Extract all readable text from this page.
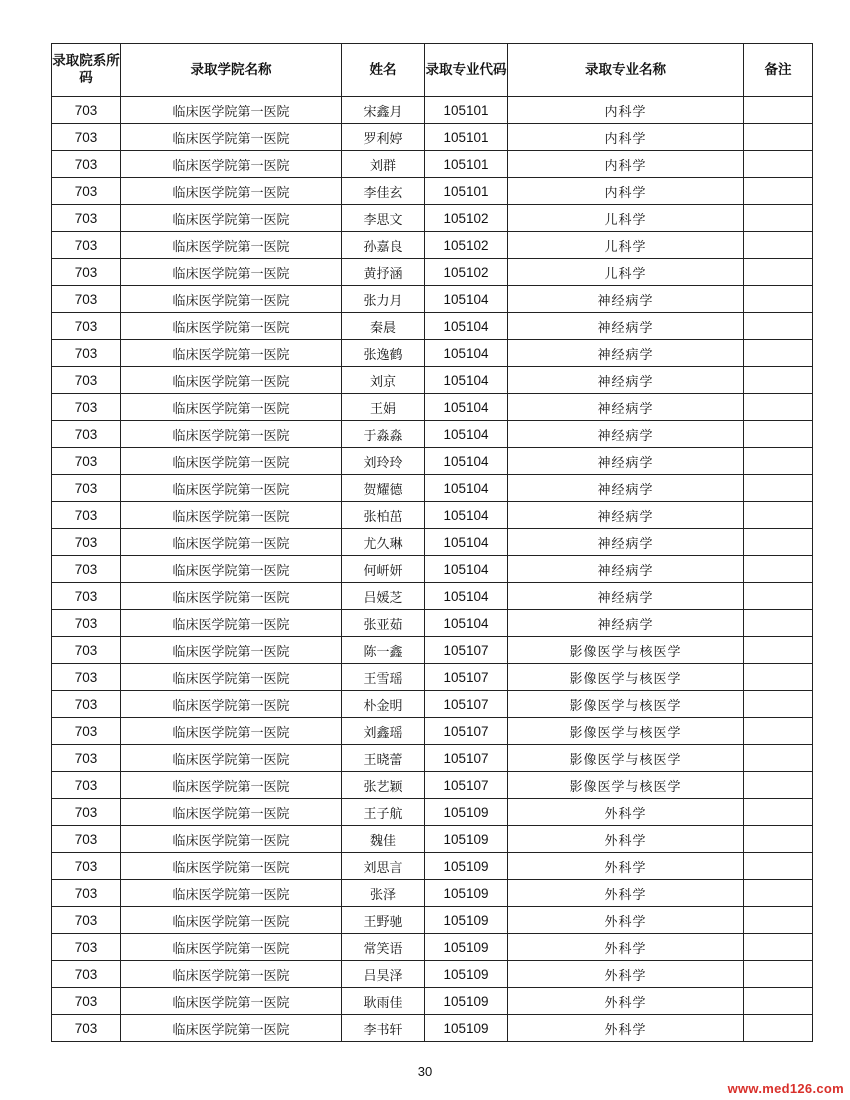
录取院系所码	录取学院名称	姓名	录取专业代码	录取专业名称	备注
703	临床医学院第一医院	宋鑫月	105101	内科学	
703	临床医学院第一医院	罗利婷	105101	内科学	
703	临床医学院第一医院	刘群	105101	内科学	
703	临床医学院第一医院	李佳玄	105101	内科学	
703	临床医学院第一医院	李思文	105102	儿科学	
703	临床医学院第一医院	孙嘉良	105102	儿科学	
703	临床医学院第一医院	黄抒涵	105102	儿科学	
703	临床医学院第一医院	张力月	105104	神经病学	
703	临床医学院第一医院	秦晨	105104	神经病学	
703	临床医学院第一医院	张逸鹤	105104	神经病学	
703	临床医学院第一医院	刘京	105104	神经病学	
703	临床医学院第一医院	王娟	105104	神经病学	
703	临床医学院第一医院	于淼淼	105104	神经病学	
703	临床医学院第一医院	刘玲玲	105104	神经病学	
703	临床医学院第一医院	贺耀德	105104	神经病学	
703	临床医学院第一医院	张柏茁	105104	神经病学	
703	临床医学院第一医院	尤久琳	105104	神经病学	
703	临床医学院第一医院	何岍妍	105104	神经病学	
703	临床医学院第一医院	吕媛芝	105104	神经病学	
703	临床医学院第一医院	张亚茹	105104	神经病学	
703	临床医学院第一医院	陈一鑫	105107	影像医学与核医学	
703	临床医学院第一医院	王雪瑶	105107	影像医学与核医学	
703	临床医学院第一医院	朴金明	105107	影像医学与核医学	
703	临床医学院第一医院	刘鑫瑶	105107	影像医学与核医学	
703	临床医学院第一医院	王晓蕾	105107	影像医学与核医学	
703	临床医学院第一医院	张艺颖	105107	影像医学与核医学	
703	临床医学院第一医院	王子航	105109	外科学	
703	临床医学院第一医院	魏佳	105109	外科学	
703	临床医学院第一医院	刘思言	105109	外科学	
703	临床医学院第一医院	张泽	105109	外科学	
703	临床医学院第一医院	王野驰	105109	外科学	
703	临床医学院第一医院	常笑语	105109	外科学	
703	临床医学院第一医院	吕昊泽	105109	外科学	
703	临床医学院第一医院	耿雨佳	105109	外科学	
703	临床医学院第一医院	李书轩	105109	外科学	
30
www.med126.com
